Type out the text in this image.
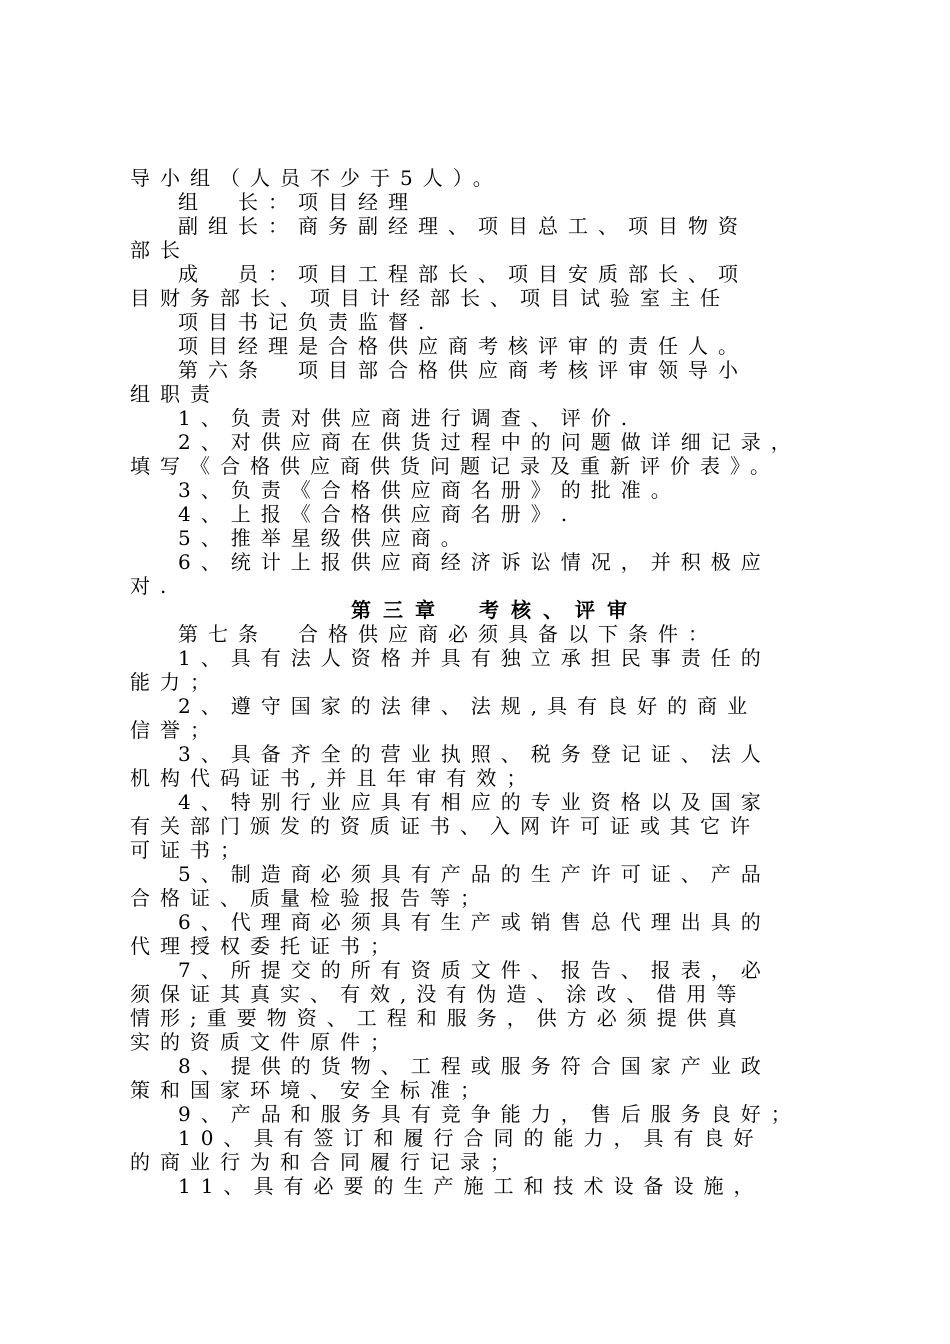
导小组（人员不少于5人）。
组　长：项目经理
副组长：商务副经理、项目总工、项目物资
部长
成　员：项目工程部长、项目安质部长、项
目财务部长、项目计经部长、项目试验室主任
项目书记负责监督.
项目经理是合格供应商考核评审的责任人。
第六条　项目部合格供应商考核评审领导小
组职责
1、负责对供应商进行调查、评价.
2、对供应商在供货过程中的问题做详细记录，
填写《合格供应商供货问题记录及重新评价表》。
3、负责《合格供应商名册》的批准。
4、上报《合格供应商名册》.
5、推举星级供应商。
6、统计上报供应商经济诉讼情况，并积极应
对.
第三章　考核、评审
第七条　合格供应商必须具备以下条件：
1、具有法人资格并具有独立承担民事责任的
能力；
2、遵守国家的法律、法规,具有良好的商业
信誉；
3、具备齐全的营业执照、税务登记证、法人
机构代码证书,并且年审有效；
4、特别行业应具有相应的专业资格以及国家
有关部门颁发的资质证书、入网许可证或其它许
可证书；
5、制造商必须具有产品的生产许可证、产品
合格证、质量检验报告等；
6、代理商必须具有生产或销售总代理出具的
代理授权委托证书；
7、所提交的所有资质文件、报告、报表，必
须保证其真实、有效,没有伪造、涂改、借用等
情形;重要物资、工程和服务，供方必须提供真
实的资质文件原件；
8、提供的货物、工程或服务符合国家产业政
策和国家环境、安全标准；
9、产品和服务具有竞争能力，售后服务良好；
10、具有签订和履行合同的能力，具有良好
的商业行为和合同履行记录；
11、具有必要的生产施工和技术设备设施，
